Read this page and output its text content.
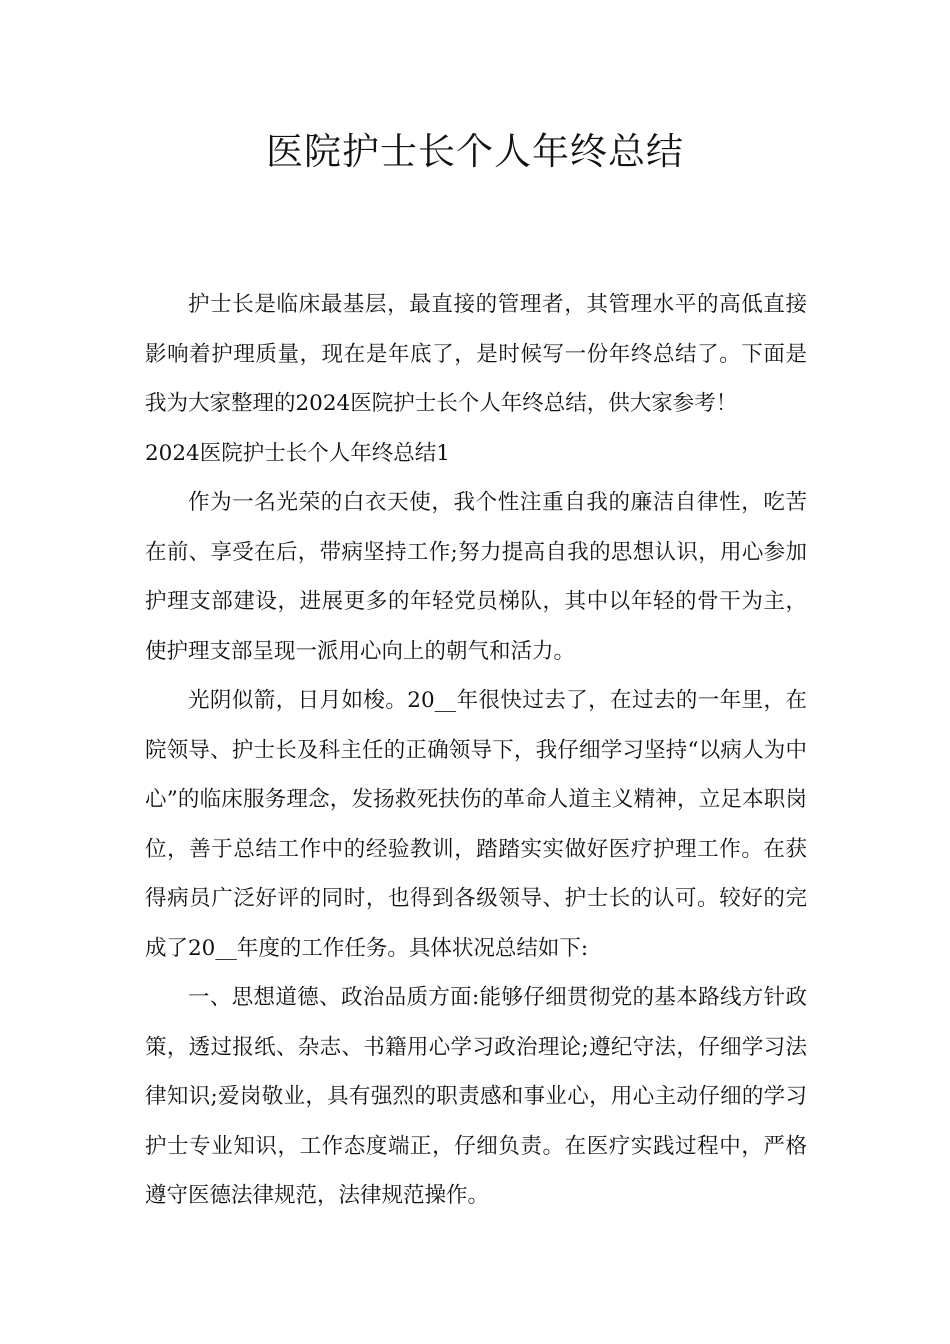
医院护士长个人年终总结

护士长是临床最基层，最直接的管理者，其管理水平的高低直接影响着护理质量，现在是年底了，是时候写一份年终总结了。下面是我为大家整理的2024医院护士长个人年终总结，供大家参考！

2024医院护士长个人年终总结1

作为一名光荣的白衣天使，我个性注重自我的廉洁自律性，吃苦在前、享受在后，带病坚持工作;努力提高自我的思想认识，用心参加护理支部建设，进展更多的年轻党员梯队，其中以年轻的骨干为主，使护理支部呈现一派用心向上的朝气和活力。

光阴似箭，日月如梭。20__年很快过去了，在过去的一年里，在院领导、护士长及科主任的正确领导下，我仔细学习坚持“以病人为中心”的临床服务理念，发扬救死扶伤的革命人道主义精神，立足本职岗位，善于总结工作中的经验教训，踏踏实实做好医疗护理工作。在获得病员广泛好评的同时，也得到各级领导、护士长的认可。较好的完成了20__年度的工作任务。具体状况总结如下:

一、思想道德、政治品质方面:能够仔细贯彻党的基本路线方针政策，透过报纸、杂志、书籍用心学习政治理论;遵纪守法，仔细学习法律知识;爱岗敬业，具有强烈的职责感和事业心，用心主动仔细的学习护士专业知识，工作态度端正，仔细负责。在医疗实践过程中，严格遵守医德法律规范，法律规范操作。
